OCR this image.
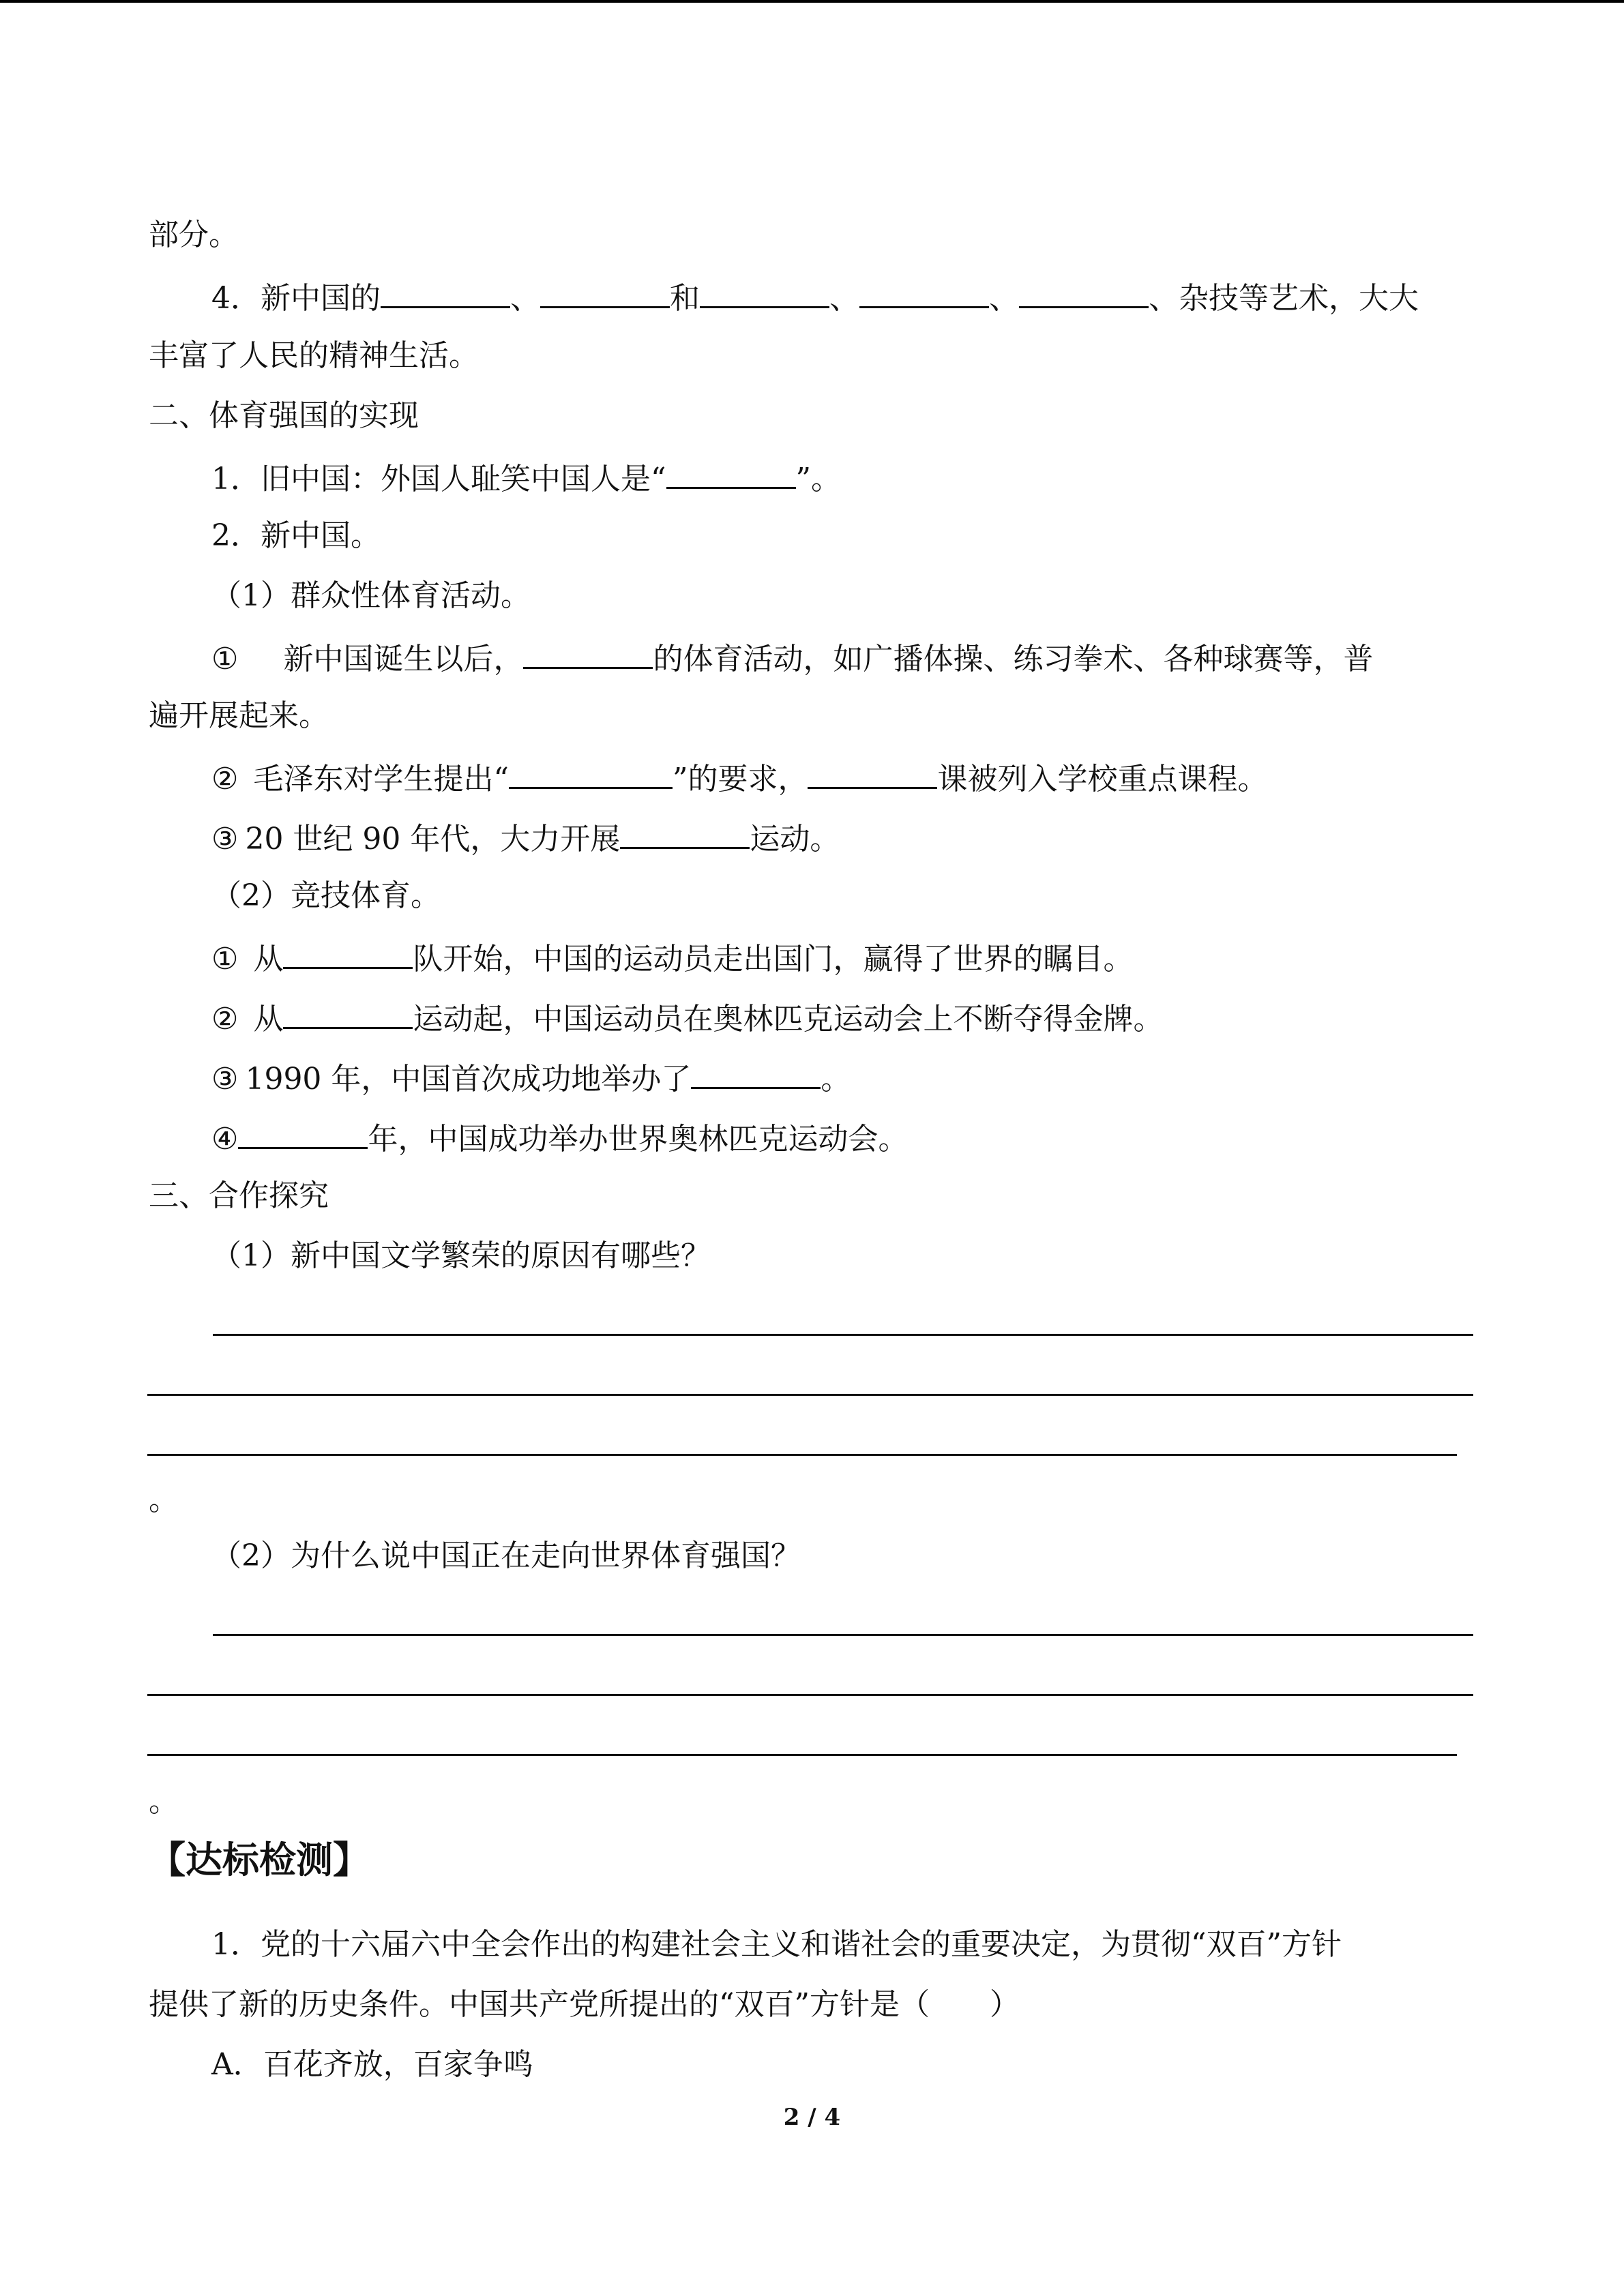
部分。
4．新中国的	、	和	、	、	、杂技等艺术，大大
丰富了人民的精神生活。
二、体育强国的实现
1．旧中国：外国人耻笑中国人是“	”。
2．新中国。
（1）群众性体育活动。
① 新中国诞生以后，	的体育活动，如广播体操、练习拳术、各种球赛等，普
遍开展起来。
② 毛泽东对学生提出“	”的要求，	课被列入学校重点课程。
③ 20 世纪 90 年代，大力开展	运动。
（2）竞技体育。
① 从	队开始，中国的运动员走出国门，赢得了世界的瞩目。
② 从	运动起，中国运动员在奥林匹克运动会上不断夺得金牌。
③ 1990 年，中国首次成功地举办了	。
④	年，中国成功举办世界奥林匹克运动会。
三、合作探究
（1）新中国文学繁荣的原因有哪些？
。
（2）为什么说中国正在走向世界体育强国？
。
【达标检测】
1．党的十六届六中全会作出的构建社会主义和谐社会的重要决定，为贯彻“双百”方针
提供了新的历史条件。中国共产党所提出的“双百”方针是（　　）
A．百花齐放，百家争鸣
2 / 4
